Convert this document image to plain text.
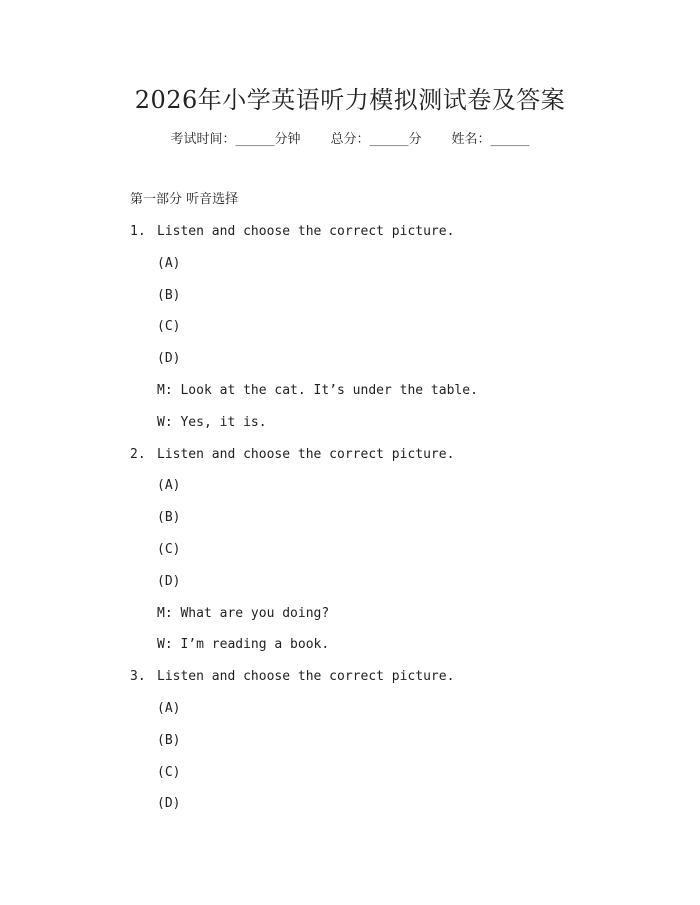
2026年小学英语听力模拟测试卷及答案
考试时间：______分钟 总分：______分 姓名：______
第一部分 听音选择
1. Listen and choose the correct picture.
(A)
(B)
(C)
(D)
M: Look at the cat. It’s under the table.
W: Yes, it is.
2. Listen and choose the correct picture.
(A)
(B)
(C)
(D)
M: What are you doing?
W: I’m reading a book.
3. Listen and choose the correct picture.
(A)
(B)
(C)
(D)
